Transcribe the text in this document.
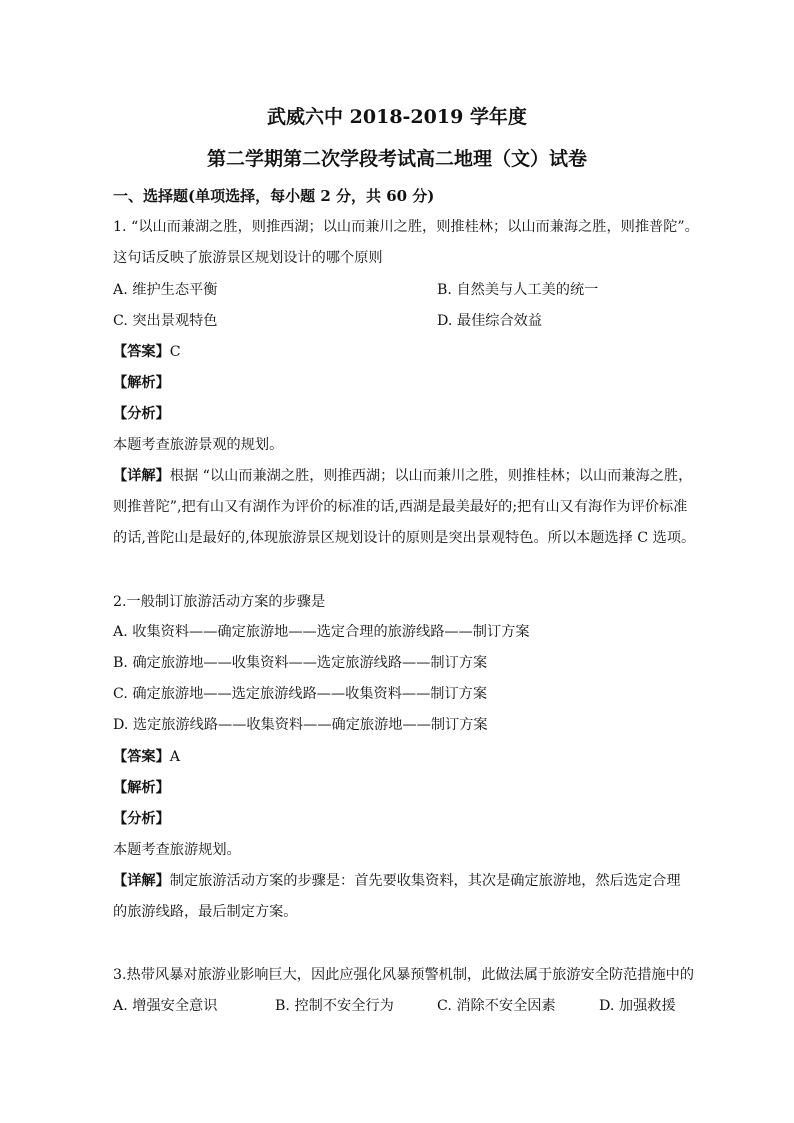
武威六中 2018-2019 学年度
第二学期第二次学段考试高二地理（文）试卷
一、选择题(单项选择，每小题 2 分，共 60 分)
1. “以山而兼湖之胜，则推西湖；以山而兼川之胜，则推桂林；以山而兼海之胜，则推普陀”。
这句话反映了旅游景区规划设计的哪个原则
A. 维护生态平衡	B. 自然美与人工美的统一
C. 突出景观特色	D. 最佳综合效益
【答案】C
【解析】
【分析】
本题考查旅游景观的规划。
【详解】根据 “以山而兼湖之胜，则推西湖；以山而兼川之胜，则推桂林；以山而兼海之胜，
则推普陀”,把有山又有湖作为评价的标准的话,西湖是最美最好的;把有山又有海作为评价标准
的话,普陀山是最好的,体现旅游景区规划设计的原则是突出景观特色。所以本题选择 C 选项。
2.一般制订旅游活动方案的步骤是
A. 收集资料——确定旅游地——选定合理的旅游线路——制订方案
B. 确定旅游地——收集资料——选定旅游线路——制订方案
C. 确定旅游地——选定旅游线路——收集资料——制订方案
D. 选定旅游线路——收集资料——确定旅游地——制订方案
【答案】A
【解析】
【分析】
本题考查旅游规划。
【详解】制定旅游活动方案的步骤是：首先要收集资料，其次是确定旅游地，然后选定合理
的旅游线路，最后制定方案。
3.热带风暴对旅游业影响巨大，因此应强化风暴预警机制，此做法属于旅游安全防范措施中的
A. 增强安全意识	B. 控制不安全行为	C. 消除不安全因素	D. 加强救援
